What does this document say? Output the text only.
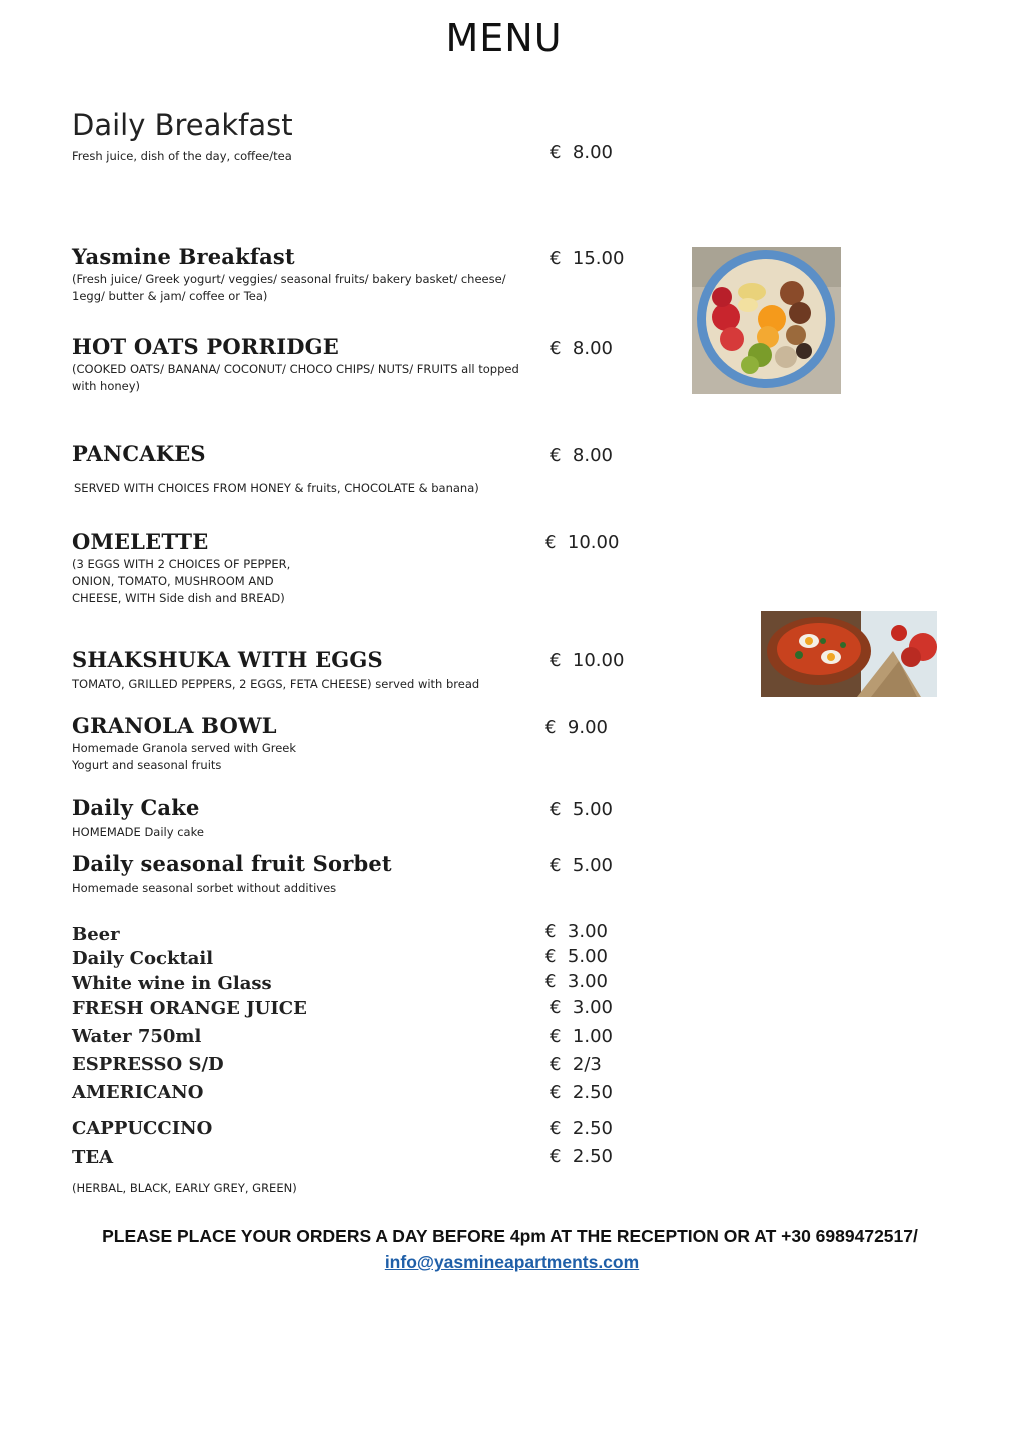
MENU
Daily Breakfast
Fresh juice, dish of the day, coffee/tea	€  8.00
Yasmine Breakfast
(Fresh juice/ Greek yogurt/ veggies/ seasonal fruits/ bakery basket/ cheese/
1egg/ butter & jam/ coffee or Tea)
€  15.00
HOT OATS PORRIDGE
(COOKED OATS/ BANANA/ COCONUT/ CHOCO CHIPS/ NUTS/ FRUITS all topped
with honey)
€  8.00
PANCAKES
SERVED WITH CHOICES FROM HONEY & fruits, CHOCOLATE & banana)
€  8.00
OMELETTE
(3 EGGS WITH 2 CHOICES OF PEPPER,
ONION, TOMATO, MUSHROOM AND
CHEESE, WITH Side dish and BREAD)
€  10.00
SHAKSHUKA WITH EGGS
TOMATO, GRILLED PEPPERS, 2 EGGS, FETA CHEESE) served with bread
€  10.00
GRANOLA BOWL
Homemade Granola served with Greek
Yogurt and seasonal fruits
€  9.00
Daily Cake
HOMEMADE Daily cake
€  5.00
Daily seasonal fruit Sorbet
Homemade seasonal sorbet without additives
€  5.00
Beer	€  3.00
Daily Cocktail	€  5.00
White wine in Glass	€  3.00
FRESH ORANGE JUICE	€  3.00
Water 750ml	€  1.00
ESPRESSO S/D	€  2/3
AMERICANO	€  2.50
CAPPUCCINO	€  2.50
TEA	€  2.50
(HERBAL, BLACK, EARLY GREY, GREEN)
PLEASE PLACE YOUR ORDERS A DAY BEFORE 4pm AT THE RECEPTION OR AT +30 6989472517/
info@yasmineapartments.com
